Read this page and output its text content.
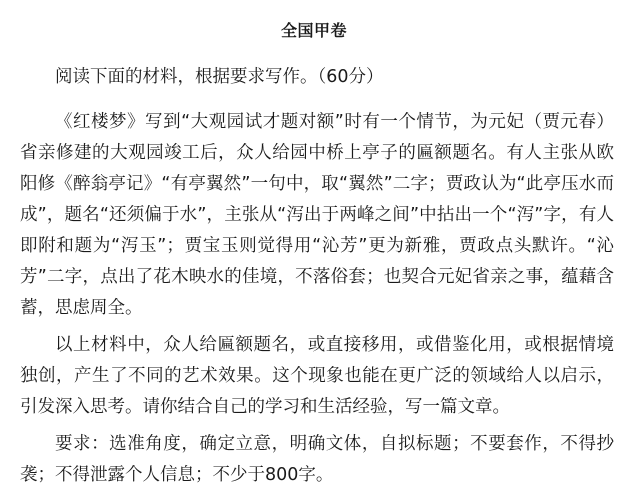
全国甲卷

阅读下面的材料，根据要求写作。（60分）

《红楼梦》写到“大观园试才题对额”时有一个情节，为元妃（贾元春）省亲修建的大观园竣工后，众人给园中桥上亭子的匾额题名。有人主张从欧阳修《醉翁亭记》“有亭翼然”一句中，取“翼然”二字；贾政认为“此亭压水而成”，题名“还须偏于水”，主张从“泻出于两峰之间”中拈出一个“泻”字，有人即附和题为“泻玉”；贾宝玉则觉得用“沁芳”更为新雅，贾政点头默许。“沁芳”二字，点出了花木映水的佳境，不落俗套；也契合元妃省亲之事，蕴藉含蓄，思虑周全。

以上材料中，众人给匾额题名，或直接移用，或借鉴化用，或根据情境独创，产生了不同的艺术效果。这个现象也能在更广泛的领域给人以启示，引发深入思考。请你结合自己的学习和生活经验，写一篇文章。

要求：选准角度，确定立意，明确文体，自拟标题；不要套作，不得抄袭；不得泄露个人信息；不少于800字。
